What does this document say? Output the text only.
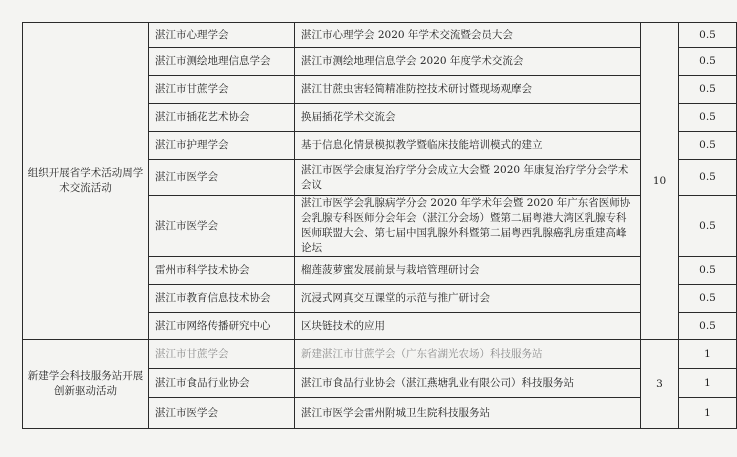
组织开展省学术活动周学术交流活动	湛江市心理学会	湛江市心理学会 2020 年学术交流暨会员大会	10	0.5
	湛江市测绘地理信息学会	湛江市测绘地理信息学会 2020 年度学术交流会		0.5
	湛江市甘蔗学会	湛江甘蔗虫害轻简精准防控技术研讨暨现场观摩会		0.5
	湛江市插花艺术协会	换届插花学术交流会		0.5
	湛江市护理学会	基于信息化情景模拟教学暨临床技能培训模式的建立		0.5
	湛江市医学会	湛江市医学会康复治疗学分会成立大会暨 2020 年康复治疗学分会学术会议		0.5
	湛江市医学会	湛江市医学会乳腺病学分会 2020 年学术年会暨 2020 年广东省医师协会乳腺专科医师分会年会（湛江分会场）暨第二届粤港大湾区乳腺专科医师联盟大会、第七届中国乳腺外科暨第二届粤西乳腺癌乳房重建高峰论坛		0.5
	雷州市科学技术协会	榴莲菠萝蜜发展前景与栽培管理研讨会		0.5
	湛江市教育信息技术协会	沉浸式网真交互课堂的示范与推广研讨会		0.5
	湛江市网络传播研究中心	区块链技术的应用		0.5
新建学会科技服务站开展创新驱动活动	湛江市甘蔗学会	新建湛江市甘蔗学会（广东省湖光农场）科技服务站	3	1
	湛江市食品行业协会	湛江市食品行业协会（湛江燕塘乳业有限公司）科技服务站		1
	湛江市医学会	湛江市医学会雷州附城卫生院科技服务站		1
